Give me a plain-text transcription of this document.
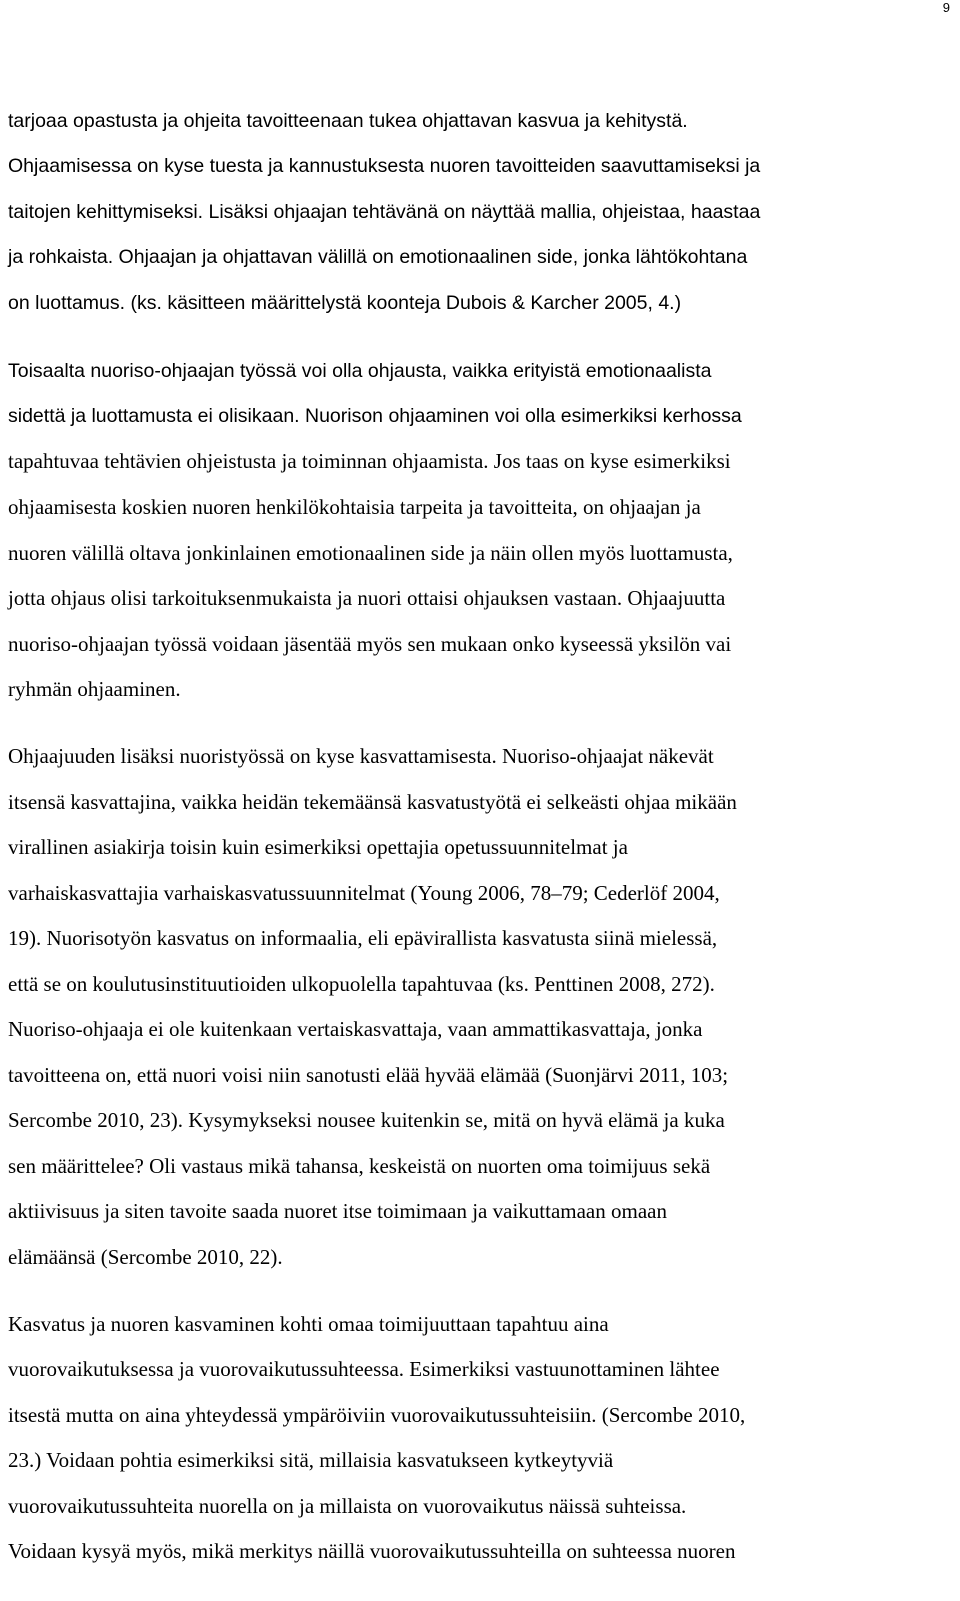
9
tarjoaa opastusta ja ohjeita tavoitteenaan tukea ohjattavan kasvua ja kehitystä.
Ohjaamisessa on kyse tuesta ja kannustuksesta nuoren tavoitteiden saavuttamiseksi ja
taitojen kehittymiseksi. Lisäksi ohjaajan tehtävänä on näyttää mallia, ohjeistaa, haastaa
ja rohkaista. Ohjaajan ja ohjattavan välillä on emotionaalinen side, jonka lähtökohtana
on luottamus. (ks. käsitteen määrittelystä koonteja Dubois & Karcher 2005, 4.)
Toisaalta nuoriso-ohjaajan työssä voi olla ohjausta, vaikka erityistä emotionaalista
sidettä ja luottamusta ei olisikaan. Nuorison ohjaaminen voi olla esimerkiksi kerhossa
tapahtuvaa tehtävien ohjeistusta ja toiminnan ohjaamista. Jos taas on kyse esimerkiksi
ohjaamisesta koskien nuoren henkilökohtaisia tarpeita ja tavoitteita, on ohjaajan ja
nuoren välillä oltava jonkinlainen emotionaalinen side ja näin ollen myös luottamusta,
jotta ohjaus olisi tarkoituksenmukaista ja nuori ottaisi ohjauksen vastaan. Ohjaajuutta
nuoriso-ohjaajan työssä voidaan jäsentää myös sen mukaan onko kyseessä yksilön vai
ryhmän ohjaaminen.
Ohjaajuuden lisäksi nuoristyössä on kyse kasvattamisesta. Nuoriso-ohjaajat näkevät
itsensä kasvattajina, vaikka heidän tekemäänsä kasvatustyötä ei selkeästi ohjaa mikään
virallinen asiakirja toisin kuin esimerkiksi opettajia opetussuunnitelmat ja
varhaiskasvattajia varhaiskasvatussuunnitelmat (Young 2006, 78–79; Cederlöf 2004,
19). Nuorisotyön kasvatus on informaalia, eli epävirallista kasvatusta siinä mielessä,
että se on koulutusinstituutioiden ulkopuolella tapahtuvaa (ks. Penttinen 2008, 272).
Nuoriso-ohjaaja ei ole kuitenkaan vertaiskasvattaja, vaan ammattikasvattaja, jonka
tavoitteena on, että nuori voisi niin sanotusti elää hyvää elämää (Suonjärvi 2011, 103;
Sercombe 2010, 23). Kysymykseksi nousee kuitenkin se, mitä on hyvä elämä ja kuka
sen määrittelee? Oli vastaus mikä tahansa, keskeistä on nuorten oma toimijuus sekä
aktiivisuus ja siten tavoite saada nuoret itse toimimaan ja vaikuttamaan omaan
elämäänsä (Sercombe 2010, 22).
Kasvatus ja nuoren kasvaminen kohti omaa toimijuuttaan tapahtuu aina
vuorovaikutuksessa ja vuorovaikutussuhteessa. Esimerkiksi vastuunottaminen lähtee
itsestä mutta on aina yhteydessä ympäröiviin vuorovaikutussuhteisiin. (Sercombe 2010,
23.) Voidaan pohtia esimerkiksi sitä, millaisia kasvatukseen kytkeytyviä
vuorovaikutussuhteita nuorella on ja millaista on vuorovaikutus näissä suhteissa.
Voidaan kysyä myös, mikä merkitys näillä vuorovaikutussuhteilla on suhteessa nuoren
